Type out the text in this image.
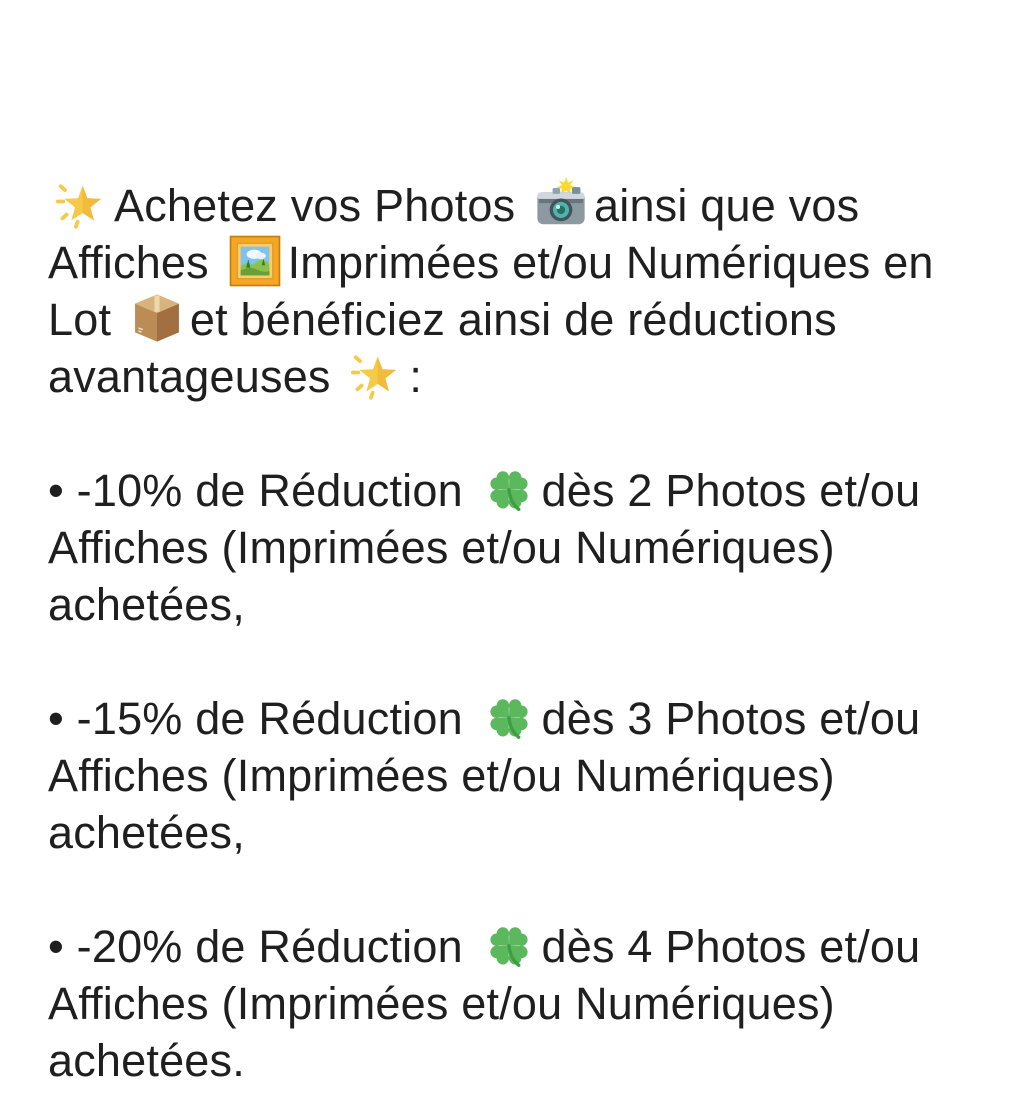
Achetez vos Photos ainsi que vos
Affiches Imprimées et/ou Numériques en
Lot et bénéficiez ainsi de réductions
avantageuses :

• -10% de Réduction dès 2 Photos et/ou
Affiches (Imprimées et/ou Numériques)
achetées,

• -15% de Réduction dès 3 Photos et/ou
Affiches (Imprimées et/ou Numériques)
achetées,

• -20% de Réduction dès 4 Photos et/ou
Affiches (Imprimées et/ou Numériques)
achetées.
